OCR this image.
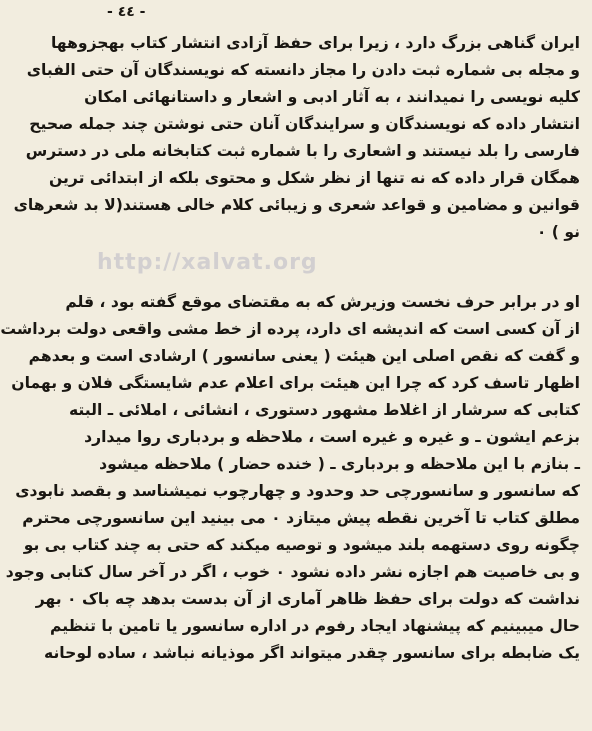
- ٤٤ -
ایران گناهی بزرگ دارد ، زیرا برای حفظ آزادی انتشار کتاب بهجزوهها
و مجله بی شماره ثبت دادن را مجاز دانسته که نویسندگان آن حتی الفبای
کلیه نویسی را نمیدانند ، به آثار ادبی و اشعار و داستانهائی امکان
انتشار داده که نویسندگان و سرایندگان آنان حتی نوشتن چند جمله صحیح
فارسی را بلد نیستند و اشعاری را با شماره ثبت کتابخانه ملی در دسترس
همگان قرار داده که نه تنها از نظر شکل و محتوی بلکه از ابتدائی ترین
قوانین و مضامین و قواعد شعری و زیبائی کلام خالی هستند(لا بد شعرهای
نو ) ٠
http://xalvat.org
او در برابر حرف نخست وزیرش که به مقتضای موقع گفته بود ، قلم
از آن کسی است که اندیشه ای دارد، پرده از خط مشی واقعی دولت برداشت
و گفت که نقص اصلی این هیئت ( یعنی سانسور ) ارشادی است و بعدهم
اظهار تاسف کرد که چرا این هیئت برای اعلام عدم شایستگی فلان و بهمان
کتابی که سرشار از اغلاط مشهور دستوری ، انشائی ، املائی ـ البته
بزعم ایشون ـ و غیره و غیره است ، ملاحظه و بردباری روا میدارد
ـ بنازم با این ملاحظه و بردباری ـ ( خنده حضار ) ملاحظه میشود
که سانسور و سانسورچی حد وحدود و چهارچوب نمیشناسد و بقصد نابودی
مطلق کتاب تا آخرین نقطه پیش میتازد ٠ می بینید این سانسورچی محترم
چگونه روی دستهمه بلند میشود و توصیه میکند که حتی به چند کتاب بی بو
و بی خاصیت هم اجازه نشر داده نشود ٠ خوب ، اگر در آخر سال کتابی وجود
نداشت که دولت برای حفظ ظاهر آماری از آن بدست بدهد چه باک ٠ بهر
حال میبینیم که پیشنهاد ایجاد رفوم در اداره سانسور یا تامین با تنظیم
یک ضابطه برای سانسور چقدر میتواند اگر موذیانه نباشد ، ساده لوحانه
